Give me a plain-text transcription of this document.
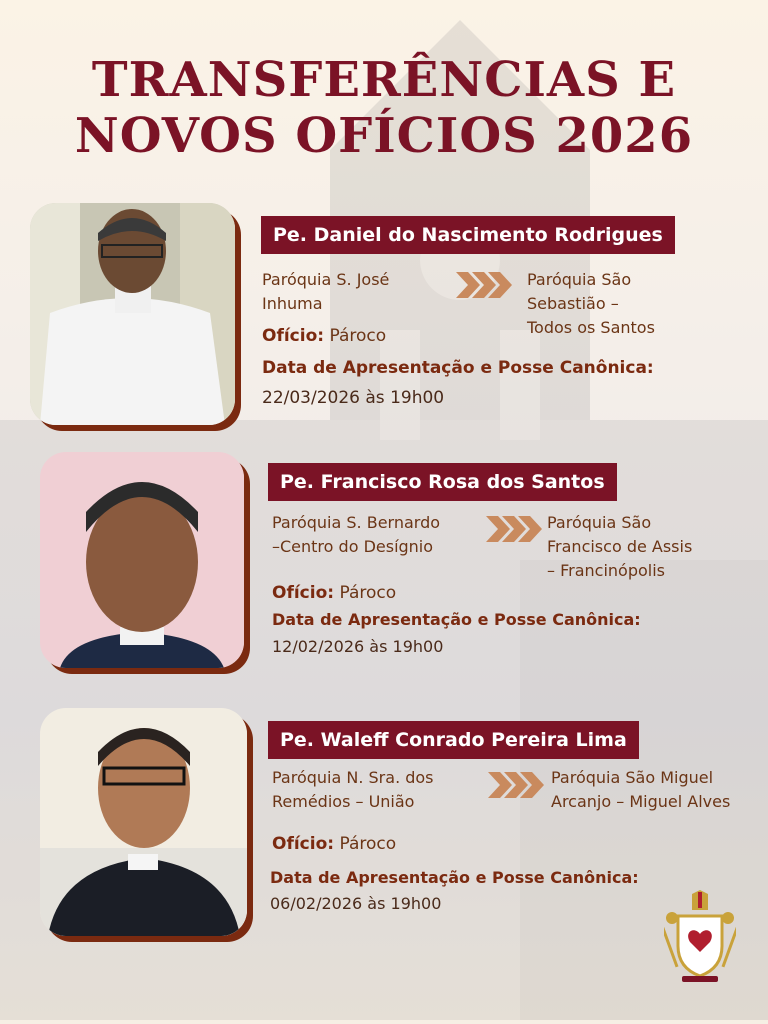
TRANSFERÊNCIAS E
NOVOS OFÍCIOS 2026
Pe. Daniel do Nascimento Rodrigues
Paróquia S. José
Inhuma
Paróquia São
Sebastião –
Todos os Santos
Ofício: Pároco
Data de Apresentação e Posse Canônica:
22/03/2026 às 19h00
Pe. Francisco Rosa dos Santos
Paróquia S. Bernardo
–Centro do Desígnio
Paróquia São
Francisco de Assis
– Francinópolis
Ofício: Pároco
Data de Apresentação e Posse Canônica:
12/02/2026 às 19h00
Pe. Waleff Conrado Pereira Lima
Paróquia N. Sra. dos
Remédios – União
Paróquia São Miguel
Arcanjo – Miguel Alves
Ofício: Pároco
Data de Apresentação e Posse Canônica:
06/02/2026 às 19h00
